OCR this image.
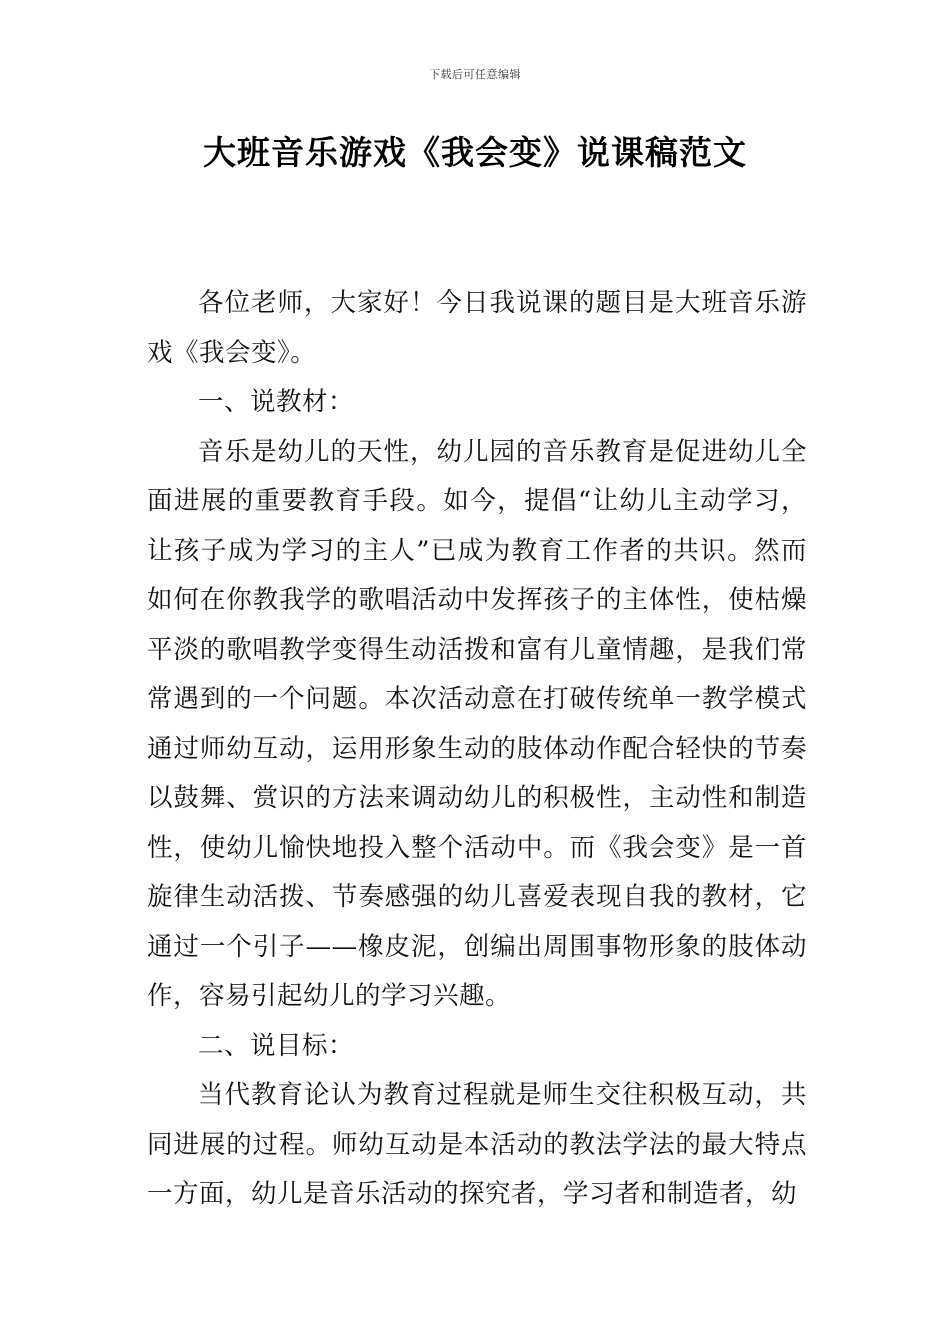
下载后可任意编辑
大班音乐游戏《我会变》说课稿范文

各位老师，大家好！今日我说课的题目是大班音乐游戏《我会变》。

一、说教材：

音乐是幼儿的天性，幼儿园的音乐教育是促进幼儿全面进展的重要教育手段。如今，提倡“让幼儿主动学习，让孩子成为学习的主人”已成为教育工作者的共识。然而如何在你教我学的歌唱活动中发挥孩子的主体性，使枯燥平淡的歌唱教学变得生动活拨和富有儿童情趣，是我们常常遇到的一个问题。本次活动意在打破传统单一教学模式通过师幼互动，运用形象生动的肢体动作配合轻快的节奏以鼓舞、赏识的方法来调动幼儿的积极性，主动性和制造性，使幼儿愉快地投入整个活动中。而《我会变》是一首旋律生动活拨、节奏感强的幼儿喜爱表现自我的教材，它通过一个引子——橡皮泥，创编出周围事物形象的肢体动作，容易引起幼儿的学习兴趣。

二、说目标：

当代教育论认为教育过程就是师生交往积极互动，共同进展的过程。师幼互动是本活动的教法学法的最大特点一方面，幼儿是音乐活动的探究者，学习者和制造者，幼
